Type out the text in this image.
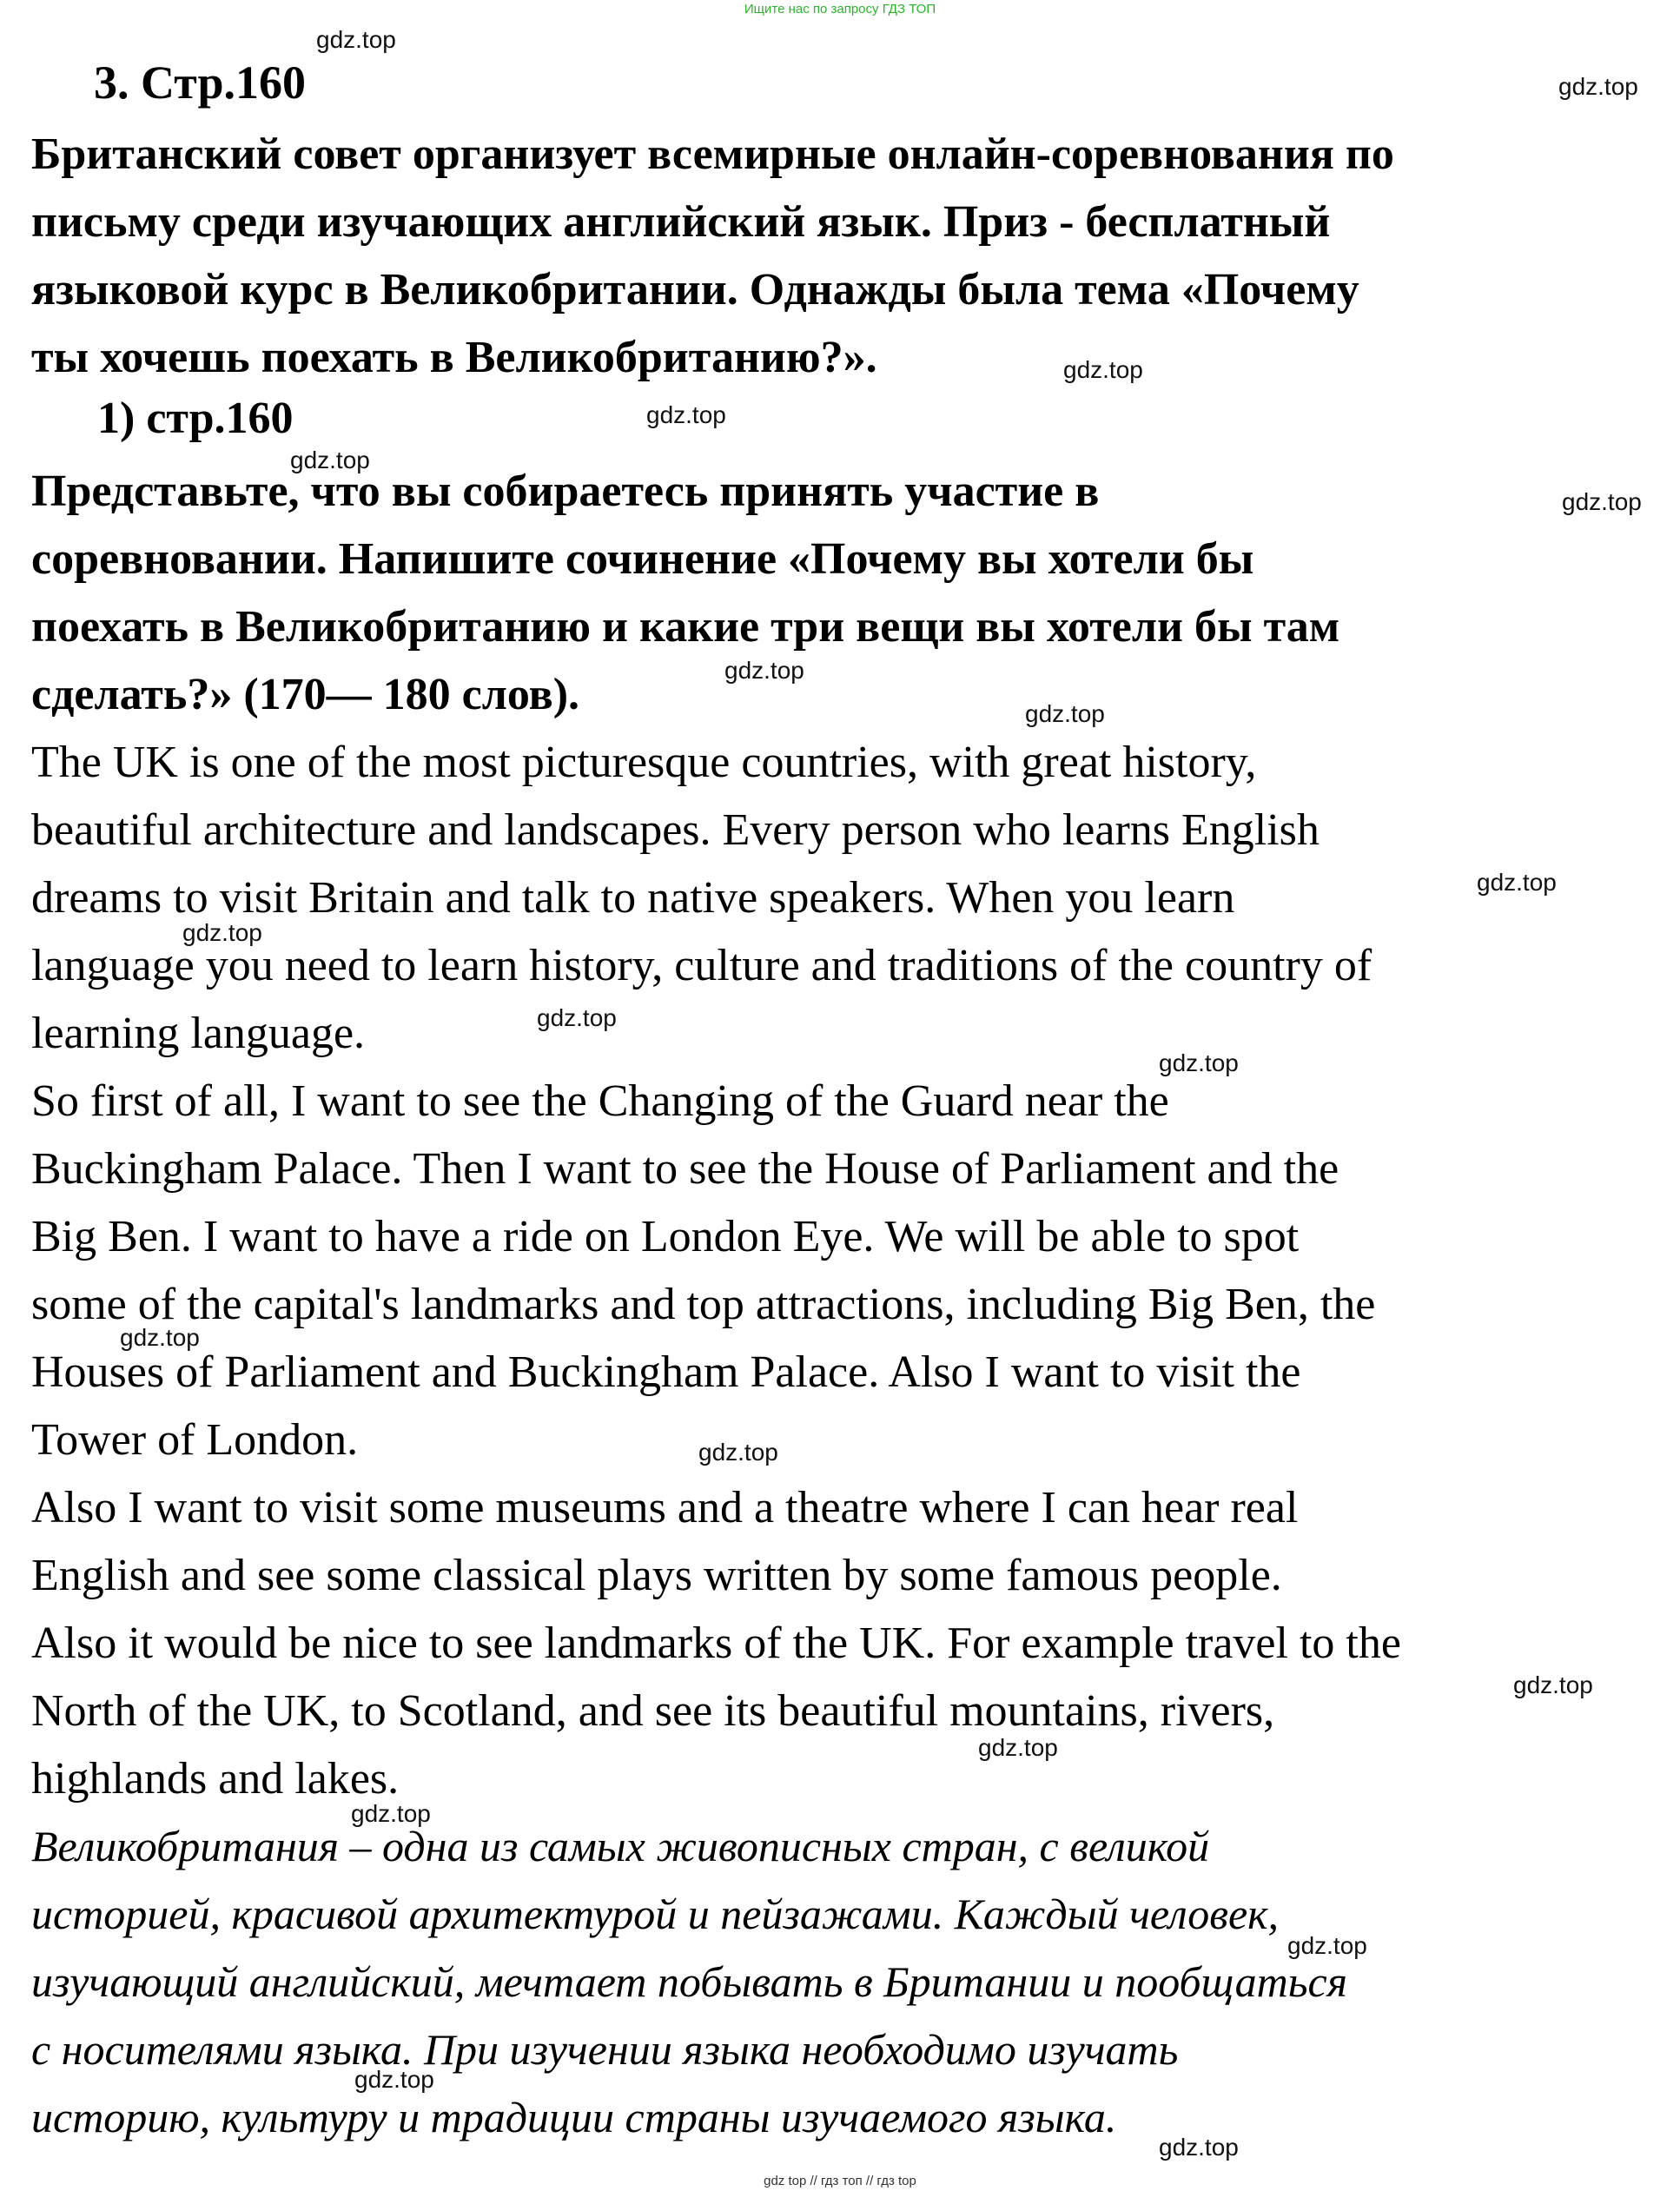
Ищите нас по запросу ГДЗ ТОП
3. Стр.160
Британский совет организует всемирные онлайн-соревнования по
письму среди изучающих английский язык. Приз - бесплатный
языковой курс в Великобритании. Однажды была тема «Почему
ты хочешь поехать в Великобританию?».
1) стр.160
Представьте, что вы собираетесь принять участие в
соревновании. Напишите сочинение «Почему вы хотели бы
поехать в Великобританию и какие три вещи вы хотели бы там
сделать?» (170— 180 слов).
The UK is one of the most picturesque countries, with great history,
beautiful architecture and landscapes. Every person who learns English
dreams to visit Britain and talk to native speakers. When you learn
language you need to learn history, culture and traditions of the country of
learning language.
So first of all, I want to see the Changing of the Guard near the
Buckingham Palace. Then I want to see the House of Parliament and the
Big Ben. I want to have a ride on London Eye. We will be able to spot
some of the capital's landmarks and top attractions, including Big Ben, the
Houses of Parliament and Buckingham Palace. Also I want to visit the
Tower of London.
Also I want to visit some museums and a theatre where I can hear real
English and see some classical plays written by some famous people.
Also it would be nice to see landmarks of the UK. For example travel to the
North of the UK, to Scotland, and see its beautiful mountains, rivers,
highlands and lakes.
Великобритания – одна из самых живописных стран, с великой
историей, красивой архитектурой и пейзажами. Каждый человек,
изучающий английский, мечтает побывать в Британии и пообщаться
с носителями языка. При изучении языка необходимо изучать
историю, культуру и традиции страны изучаемого языка.
gdz.top
gdz.top
gdz.top
gdz.top
gdz.top
gdz.top
gdz.top
gdz.top
gdz.top
gdz.top
gdz.top
gdz.top
gdz.top
gdz.top
gdz.top
gdz.top
gdz.top
gdz.top
gdz.top
gdz.top
gdz top // гдз топ // гдз top
